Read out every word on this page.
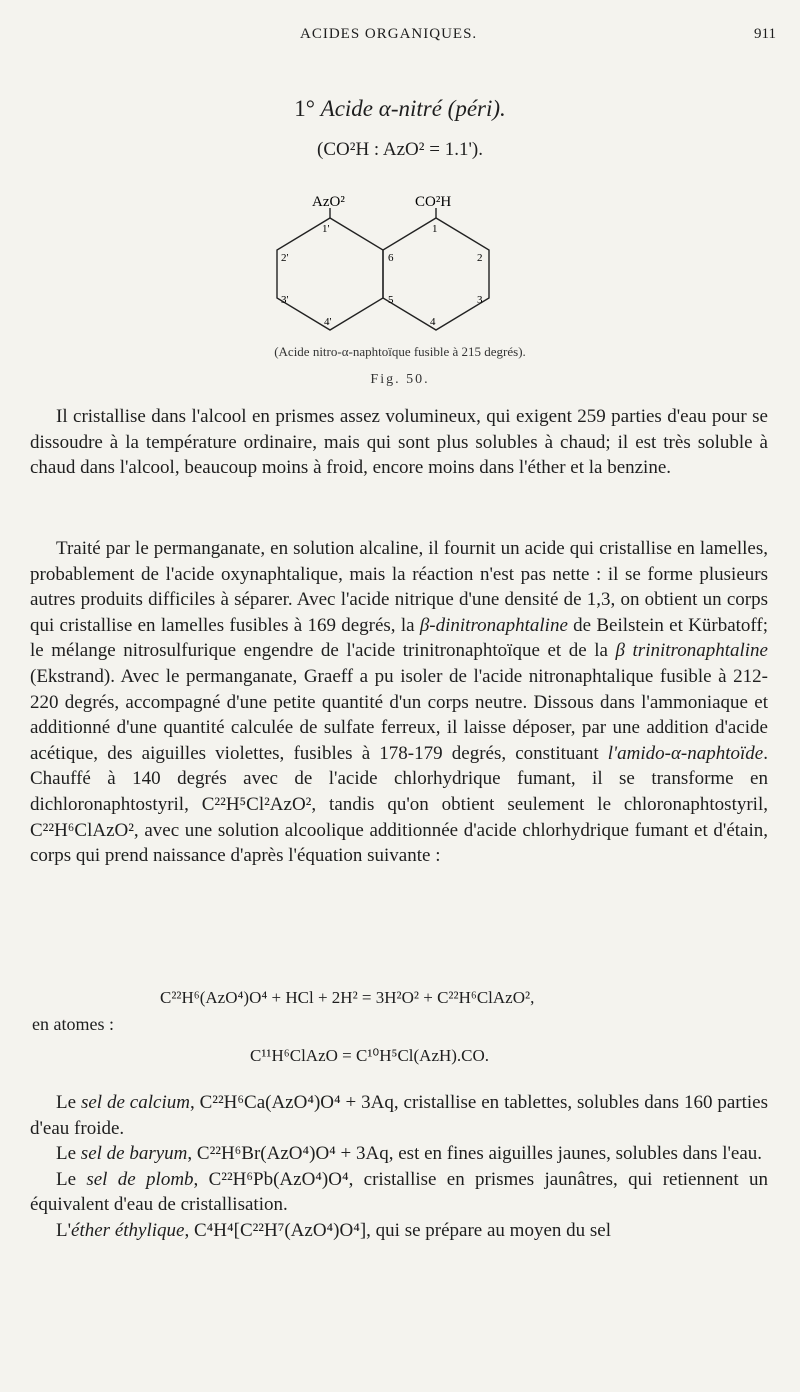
ACIDES ORGANIQUES.	911
1° Acide α-nitré (péri).
(CO²H : AzO² = 1.1').
AzO²	CO²H
1'
2'
3'
4'
1
2
3
4
5
6
(Acide nitro-α-naphtoïque fusible à 215 degrés).
Fig. 50.

Il cristallise dans l'alcool en prismes assez volumineux, qui exigent 259 parties d'eau pour se dissoudre à la température ordinaire, mais qui sont plus solubles à chaud; il est très soluble à chaud dans l'alcool, beaucoup moins à froid, encore moins dans l'éther et la benzine.

Traité par le permanganate, en solution alcaline, il fournit un acide qui cristallise en lamelles, probablement de l'acide oxynaphtalique, mais la réaction n'est pas nette : il se forme plusieurs autres produits difficiles à séparer. Avec l'acide nitrique d'une densité de 1,3, on obtient un corps qui cristallise en lamelles fusibles à 169 degrés, la β-dinitronaphtaline de Beilstein et Kürbatoff; le mélange nitrosulfurique engendre de l'acide trinitronaphtoïque et de la β trinitronaphtaline (Ekstrand). Avec le permanganate, Graeff a pu isoler de l'acide nitronaphtalique fusible à 212-220 degrés, accompagné d'une petite quantité d'un corps neutre. Dissous dans l'ammoniaque et additionné d'une quantité calculée de sulfate ferreux, il laisse déposer, par une addition d'acide acétique, des aiguilles violettes, fusibles à 178-179 degrés, constituant l'amido-α-naphtoïde. Chauffé à 140 degrés avec de l'acide chlorhydrique fumant, il se transforme en dichloronaphtostyril, C²²H⁵Cl²AzO², tandis qu'on obtient seulement le chloronaphtostyril, C²²H⁶ClAzO², avec une solution alcoolique additionnée d'acide chlorhydrique fumant et d'étain, corps qui prend naissance d'après l'équation suivante :

C²²H⁶(AzO⁴)O⁴ + HCl + 2H² = 3H²O² + C²²H⁶ClAzO²,
en atomes :
C¹¹H⁶ClAzO = C¹⁰H⁵Cl(AzH).CO.

Le sel de calcium, C²²H⁶Ca(AzO⁴)O⁴ + 3Aq, cristallise en tablettes, solubles dans 160 parties d'eau froide.

Le sel de baryum, C²²H⁶Br(AzO⁴)O⁴ + 3Aq, est en fines aiguilles jaunes, solubles dans l'eau.

Le sel de plomb, C²²H⁶Pb(AzO⁴)O⁴, cristallise en prismes jaunâtres, qui retiennent un équivalent d'eau de cristallisation.

L'éther éthylique, C⁴H⁴[C²²H⁷(AzO⁴)O⁴], qui se prépare au moyen du sel
